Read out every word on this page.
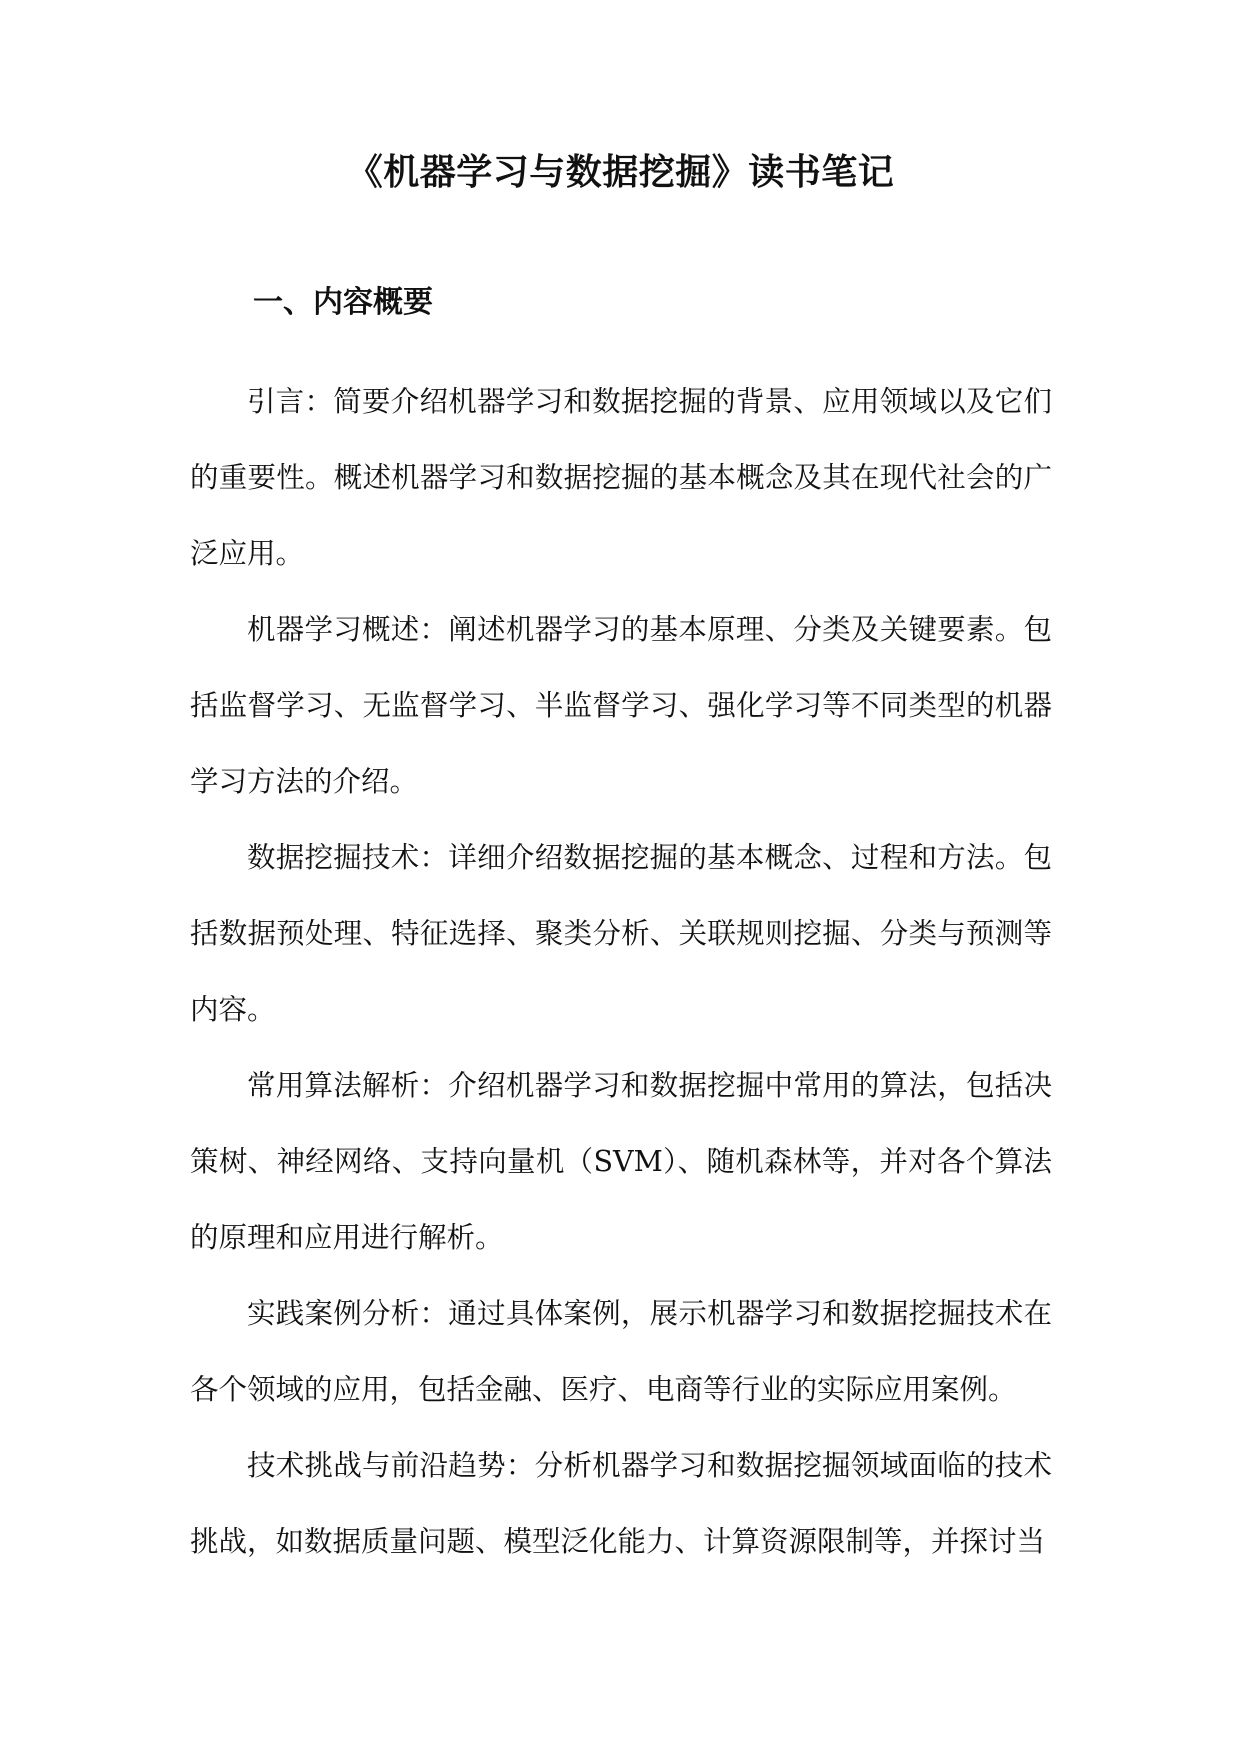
《机器学习与数据挖掘》读书笔记
一、内容概要

引言：简要介绍机器学习和数据挖掘的背景、应用领域以及它们的重要性。概述机器学习和数据挖掘的基本概念及其在现代社会的广泛应用。

机器学习概述：阐述机器学习的基本原理、分类及关键要素。包括监督学习、无监督学习、半监督学习、强化学习等不同类型的机器学习方法的介绍。

数据挖掘技术：详细介绍数据挖掘的基本概念、过程和方法。包括数据预处理、特征选择、聚类分析、关联规则挖掘、分类与预测等内容。

常用算法解析：介绍机器学习和数据挖掘中常用的算法，包括决策树、神经网络、支持向量机（SVM）、随机森林等，并对各个算法的原理和应用进行解析。

实践案例分析：通过具体案例，展示机器学习和数据挖掘技术在各个领域的应用，包括金融、医疗、电商等行业的实际应用案例。

技术挑战与前沿趋势：分析机器学习和数据挖掘领域面临的技术挑战，如数据质量问题、模型泛化能力、计算资源限制等，并探讨当
